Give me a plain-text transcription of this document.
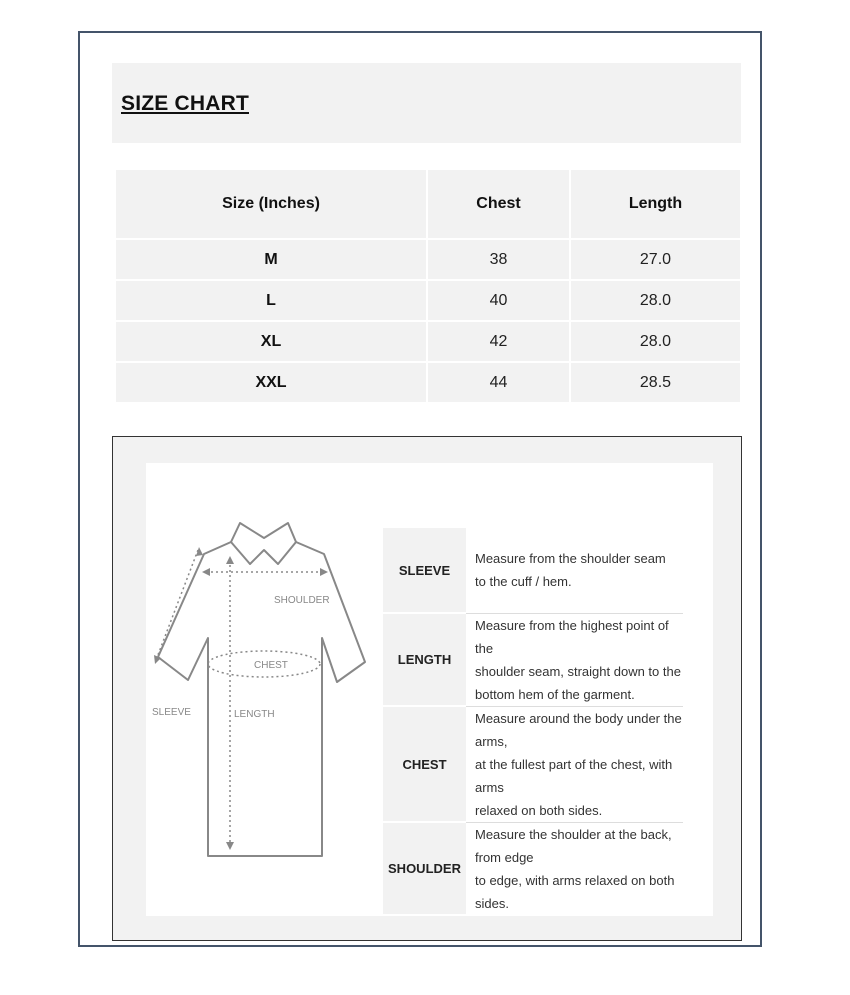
SIZE CHART
Size (Inches)	Chest	Length
M	38	27.0
L	40	28.0
XL	42	28.0
XXL	44	28.5
SHOULDER
CHEST
SLEEVE	LENGTH
SLEEVE	Measure from the shoulder seam
to the cuff / hem.

LENGTH	Measure from the highest point of the
shoulder seam, straight down to the
bottom hem of the garment.

CHEST	Measure around the body under the arms,
at the fullest part of the chest, with arms
relaxed on both sides.

SHOULDER	Measure the shoulder at the back, from edge
to edge, with arms relaxed on both sides.
